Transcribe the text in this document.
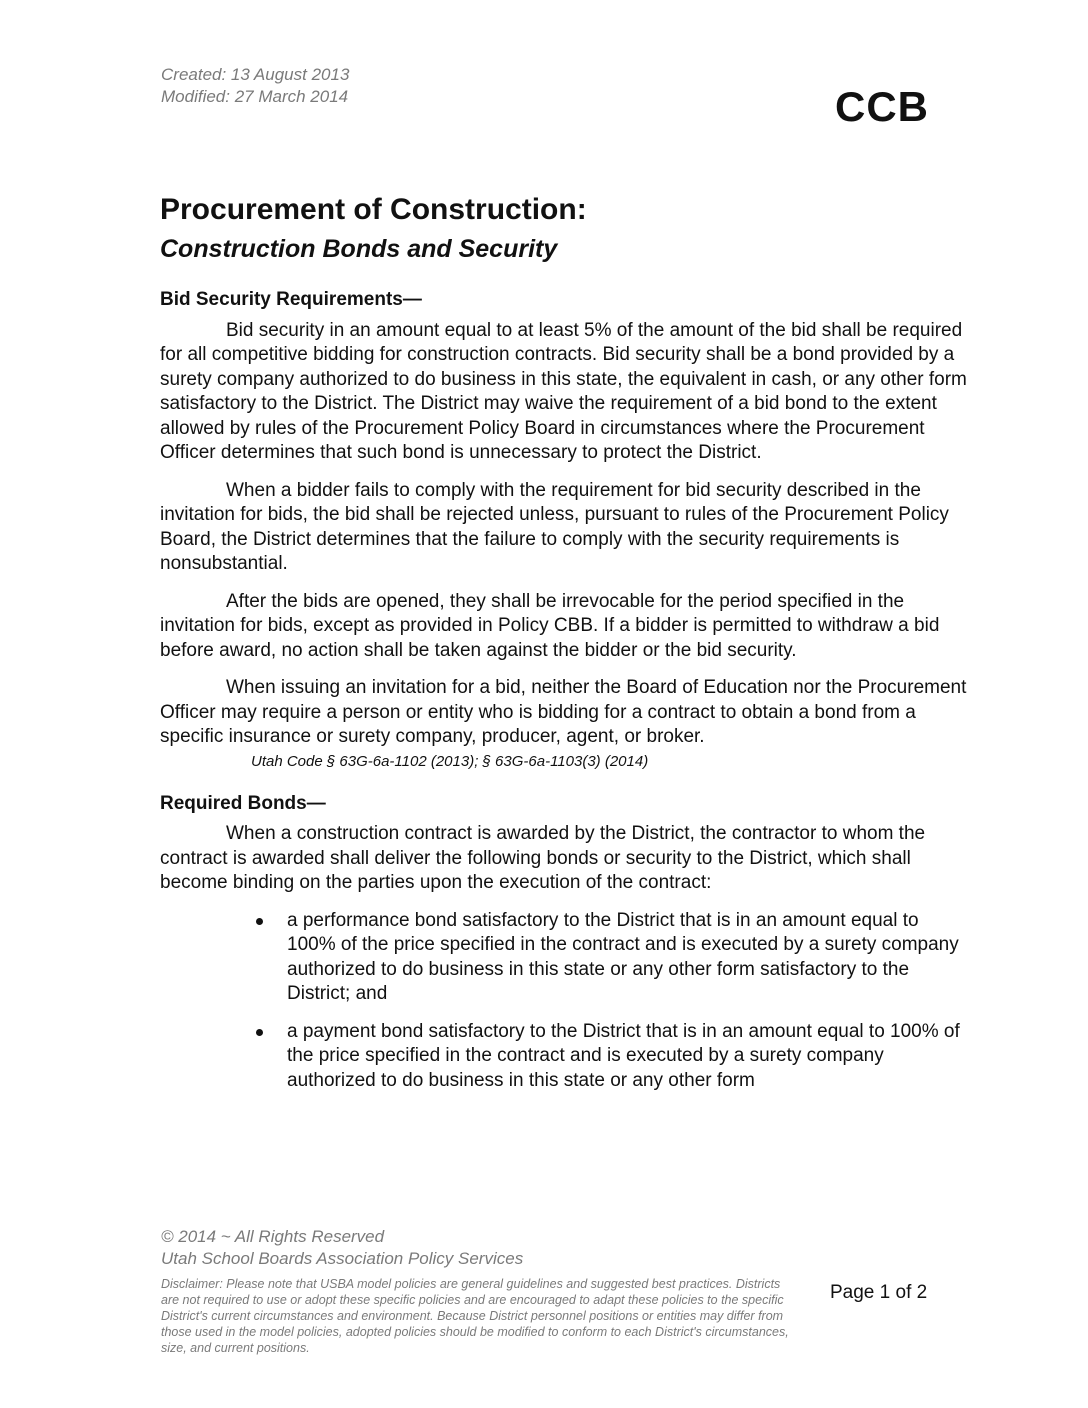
Created: 13 August 2013
Modified: 27 March 2014	CCB
Procurement of Construction:
Construction Bonds and Security
Bid Security Requirements—

Bid security in an amount equal to at least 5% of the amount of the bid shall be required for all competitive bidding for construction contracts. Bid security shall be a bond provided by a surety company authorized to do business in this state, the equivalent in cash, or any other form satisfactory to the District. The District may waive the requirement of a bid bond to the extent allowed by rules of the Procurement Policy Board in circumstances where the Procurement Officer determines that such bond is unnecessary to protect the District.

When a bidder fails to comply with the requirement for bid security described in the invitation for bids, the bid shall be rejected unless, pursuant to rules of the Procurement Policy Board, the District determines that the failure to comply with the security requirements is nonsubstantial.

After the bids are opened, they shall be irrevocable for the period specified in the invitation for bids, except as provided in Policy CBB. If a bidder is permitted to withdraw a bid before award, no action shall be taken against the bidder or the bid security.

When issuing an invitation for a bid, neither the Board of Education nor the Procurement Officer may require a person or entity who is bidding for a contract to obtain a bond from a specific insurance or surety company, producer, agent, or broker.

Utah Code § 63G-6a-1102 (2013); § 63G-6a-1103(3) (2014)
Required Bonds—

When a construction contract is awarded by the District, the contractor to whom the contract is awarded shall deliver the following bonds or security to the District, which shall become binding on the parties upon the execution of the contract:

a performance bond satisfactory to the District that is in an amount equal to 100% of the price specified in the contract and is executed by a surety company authorized to do business in this state or any other form satisfactory to the District; and
a payment bond satisfactory to the District that is in an amount equal to 100% of the price specified in the contract and is executed by a surety company authorized to do business in this state or any other form
© 2014 ~ All Rights Reserved
Utah School Boards Association Policy Services
Disclaimer: Please note that USBA model policies are general guidelines and suggested best practices. Districts are not required to use or adopt these specific policies and are encouraged to adapt these policies to the specific District's current circumstances and environment. Because District personnel positions or entities may differ from those used in the model policies, adopted policies should be modified to conform to each District's circumstances, size, and current positions.
Page 1 of 2
